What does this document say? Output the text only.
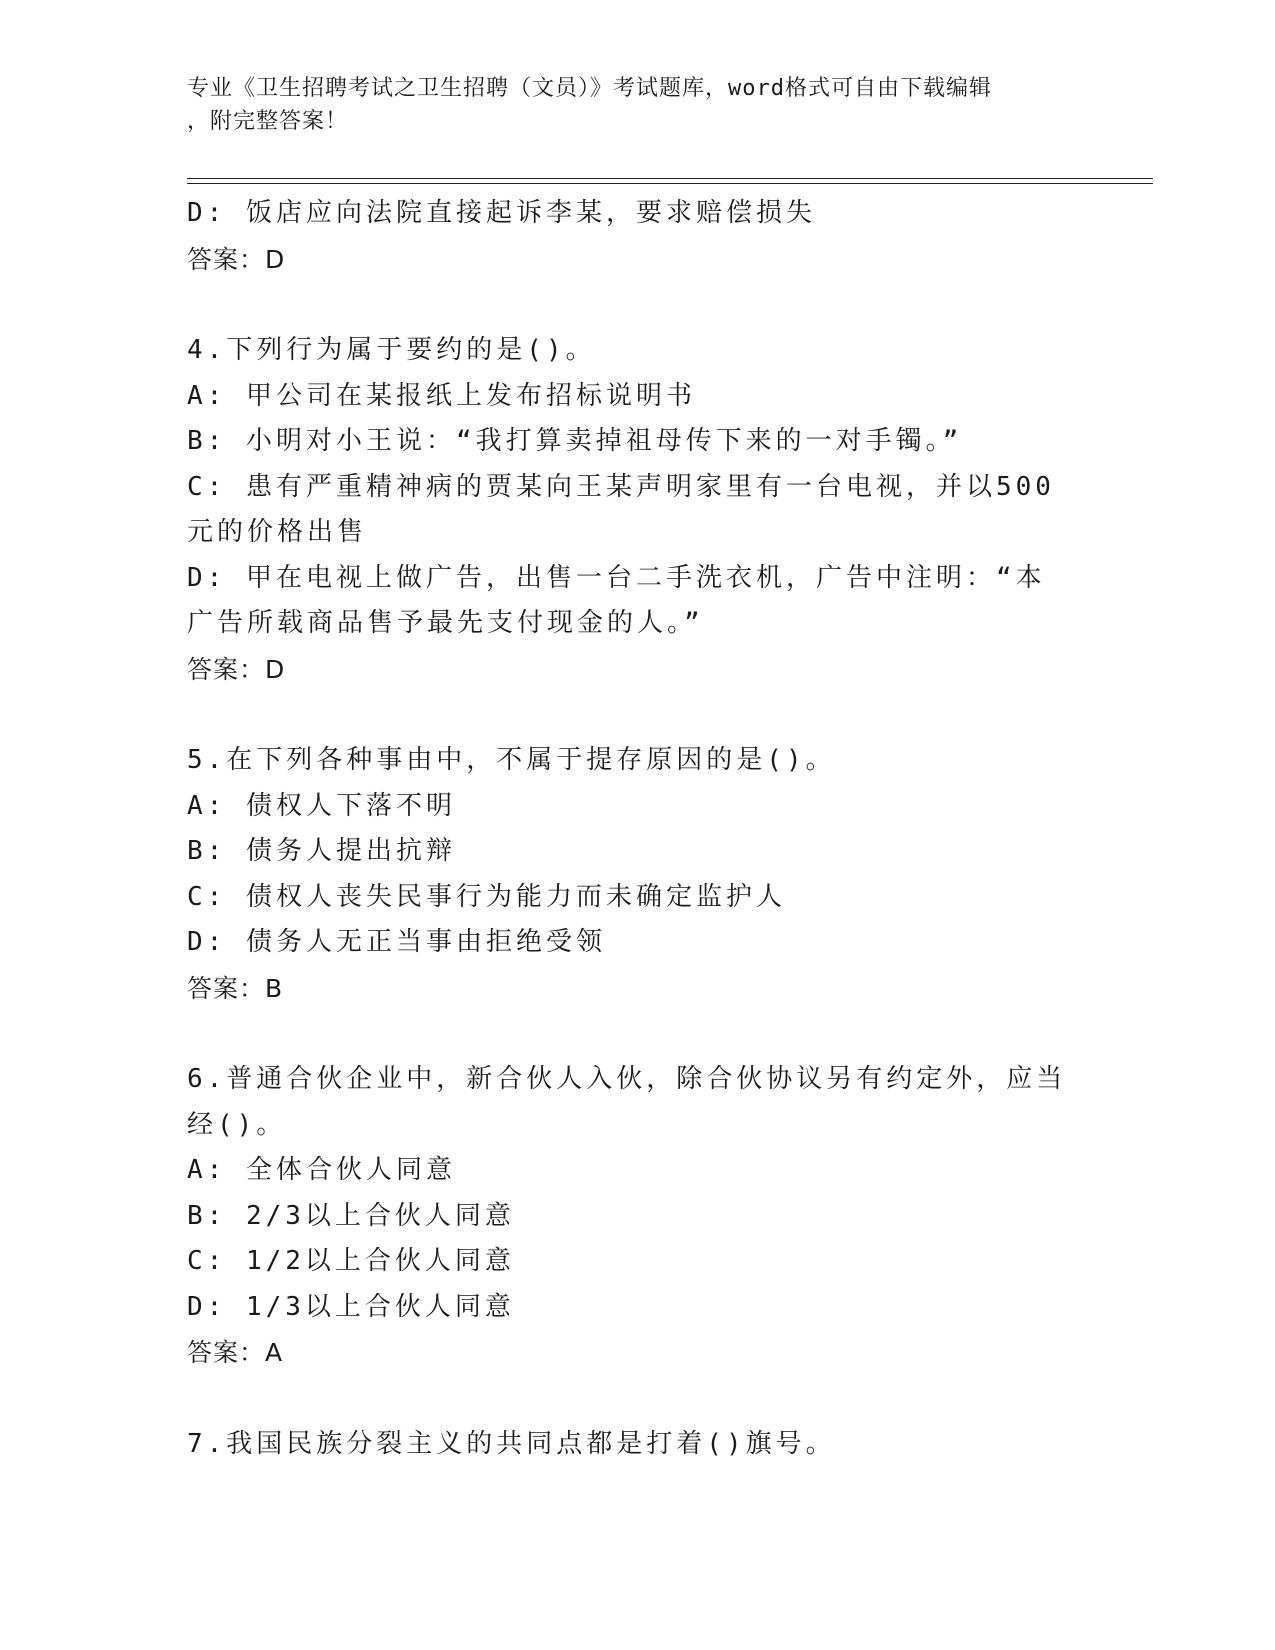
专业《卫生招聘考试之卫生招聘（文员）》考试题库，word格式可自由下载编辑
，附完整答案！
D: 饭店应向法院直接起诉李某，要求赔偿损失
答案：D
4.下列行为属于要约的是()。
A: 甲公司在某报纸上发布招标说明书
B: 小明对小王说：“我打算卖掉祖母传下来的一对手镯。”
C: 患有严重精神病的贾某向王某声明家里有一台电视，并以500元的价格出售
D: 甲在电视上做广告，出售一台二手洗衣机，广告中注明：“本广告所载商品售予最先支付现金的人。”
答案：D
5.在下列各种事由中，不属于提存原因的是()。
A: 债权人下落不明
B: 债务人提出抗辩
C: 债权人丧失民事行为能力而未确定监护人
D: 债务人无正当事由拒绝受领
答案：B
6.普通合伙企业中，新合伙人入伙，除合伙协议另有约定外，应当经()。
A: 全体合伙人同意
B: 2/3以上合伙人同意
C: 1/2以上合伙人同意
D: 1/3以上合伙人同意
答案：A
7.我国民族分裂主义的共同点都是打着()旗号。
